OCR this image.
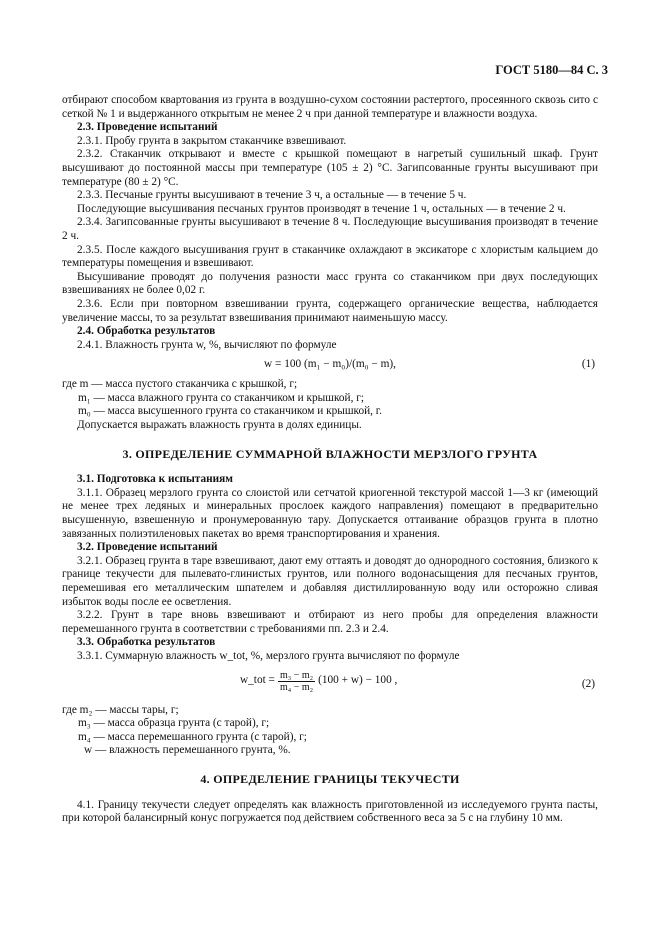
ГОСТ 5180—84 С. 3

отбирают способом квартования из грунта в воздушно-сухом состоянии растертого, просеянного сквозь сито с сеткой № 1 и выдержанного открытым не менее 2 ч при данной температуре и влажности воздуха.

2.3. Проведение испытаний

2.3.1. Пробу грунта в закрытом стаканчике взвешивают.

2.3.2. Стаканчик открывают и вместе с крышкой помещают в нагретый сушильный шкаф. Грунт высушивают до постоянной массы при температуре (105 ± 2) °С. Загипсованные грунты высушивают при температуре (80 ± 2) °С.

2.3.3. Песчаные грунты высушивают в течение 3 ч, а остальные — в течение 5 ч.

Последующие высушивания песчаных грунтов производят в течение 1 ч, остальных — в течение 2 ч.

2.3.4. Загипсованные грунты высушивают в течение 8 ч. Последующие высушивания производят в течение 2 ч.

2.3.5. После каждого высушивания грунт в стаканчике охлаждают в эксикаторе с хлористым кальцием до температуры помещения и взвешивают.

Высушивание проводят до получения разности масс грунта со стаканчиком при двух последующих взвешиваниях не более 0,02 г.

2.3.6. Если при повторном взвешивании грунта, содержащего органические вещества, наблюдается увеличение массы, то за результат взвешивания принимают наименьшую массу.

2.4. Обработка результатов

2.4.1. Влажность грунта w, %, вычисляют по формуле

w = 100 (m₁ − m₀)/(m₀ − m),	(1)

где m — масса пустого стаканчика с крышкой, г;

m₁ — масса влажного грунта со стаканчиком и крышкой, г;

m₀ — масса высушенного грунта со стаканчиком и крышкой, г.

Допускается выражать влажность грунта в долях единицы.

3. ОПРЕДЕЛЕНИЕ СУММАРНОЙ ВЛАЖНОСТИ МЕРЗЛОГО ГРУНТА

3.1. Подготовка к испытаниям

3.1.1. Образец мерзлого грунта со слоистой или сетчатой криогенной текстурой массой 1—3 кг (имеющий не менее трех ледяных и минеральных прослоек каждого направления) помещают в предварительно высушенную, взвешенную и пронумерованную тару. Допускается оттаивание образцов грунта в плотно завязанных полиэтиленовых пакетах во время транспортирования и хранения.

3.2. Проведение испытаний

3.2.1. Образец грунта в таре взвешивают, дают ему оттаять и доводят до однородного состояния, близкого к границе текучести для пылевато-глинистых грунтов, или полного водонасыщения для песчаных грунтов, перемешивая его металлическим шпателем и добавляя дистиллированную воду или осторожно сливая избыток воды после ее осветления.

3.2.2. Грунт в таре вновь взвешивают и отбирают из него пробы для определения влажности перемешанного грунта в соответствии с требованиями пп. 2.3 и 2.4.

3.3. Обработка результатов

3.3.1. Суммарную влажность w_tot, %, мерзлого грунта вычисляют по формуле

w_tot = $\frac{\text{m₃ − m₂}}{\text{m₄ − m₂}} (100 + w) - 100$ ,	(2)

где m₂ — массы тары, г;

m₃ — масса образца грунта (с тарой), г;

m₄ — масса перемешанного грунта (с тарой), г;

w — влажность перемешанного грунта, %.

4. ОПРЕДЕЛЕНИЕ ГРАНИЦЫ ТЕКУЧЕСТИ

4.1. Границу текучести следует определять как влажность приготовленной из исследуемого грунта пасты, при которой балансирный конус погружается под действием собственного веса за 5 с на глубину 10 мм.
